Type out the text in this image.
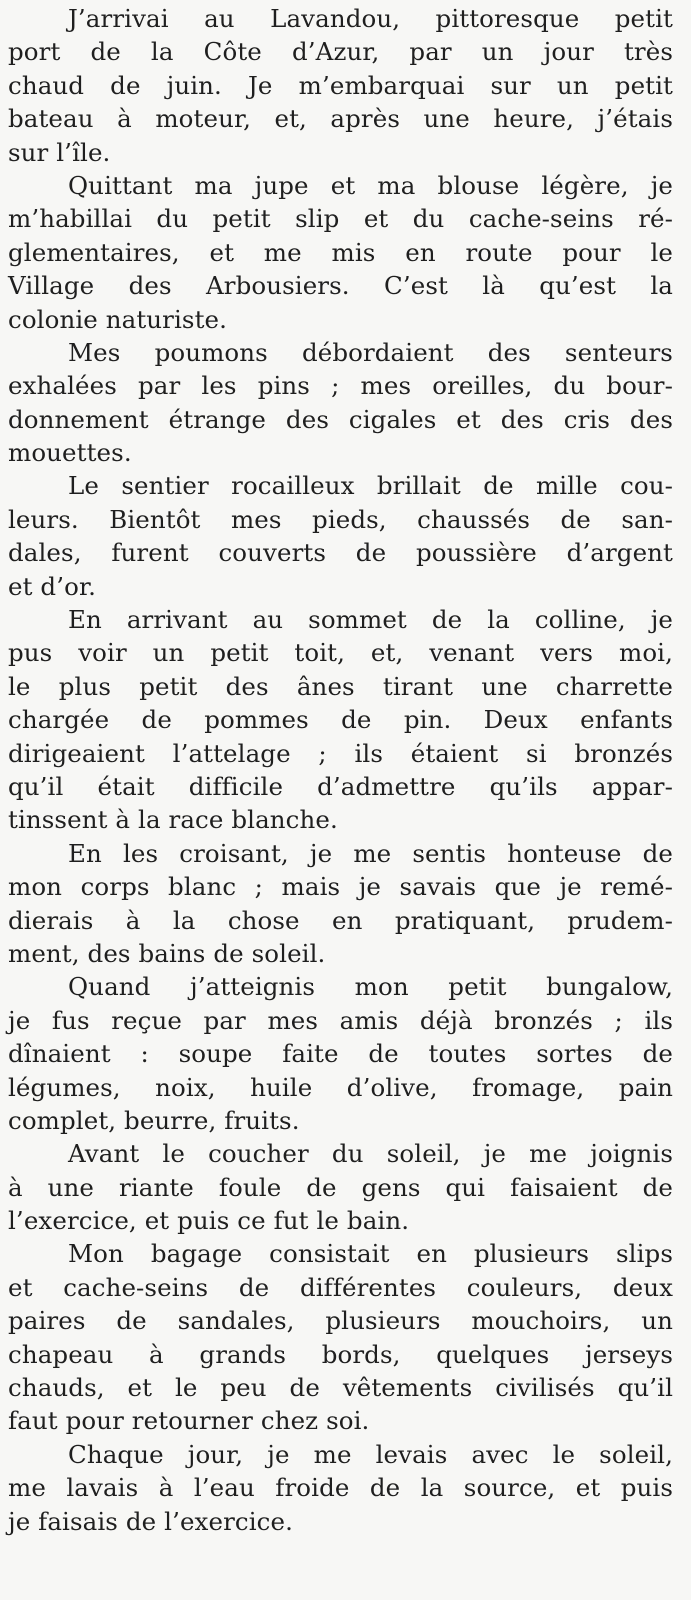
J’arrivai au Lavandou, pittoresque petit
port de la Côte d’Azur, par un jour très
chaud de juin. Je m’embarquai sur un petit
bateau à moteur, et, après une heure, j’étais
sur l’île.
Quittant ma jupe et ma blouse légère, je
m’habillai du petit slip et du cache-seins ré-
glementaires, et me mis en route pour le
Village des Arbousiers. C’est là qu’est la
colonie naturiste.
Mes poumons débordaient des senteurs
exhalées par les pins ; mes oreilles, du bour-
donnement étrange des cigales et des cris des
mouettes.
Le sentier rocailleux brillait de mille cou-
leurs. Bientôt mes pieds, chaussés de san-
dales, furent couverts de poussière d’argent
et d’or.
En arrivant au sommet de la colline, je
pus voir un petit toit, et, venant vers moi,
le plus petit des ânes tirant une charrette
chargée de pommes de pin. Deux enfants
dirigeaient l’attelage ; ils étaient si bronzés
qu’il était difficile d’admettre qu’ils appar-
tinssent à la race blanche.
En les croisant, je me sentis honteuse de
mon corps blanc ; mais je savais que je remé-
dierais à la chose en pratiquant, prudem-
ment, des bains de soleil.
Quand j’atteignis mon petit bungalow,
je fus reçue par mes amis déjà bronzés ; ils
dînaient : soupe faite de toutes sortes de
légumes, noix, huile d’olive, fromage, pain
complet, beurre, fruits.
Avant le coucher du soleil, je me joignis
à une riante foule de gens qui faisaient de
l’exercice, et puis ce fut le bain.
Mon bagage consistait en plusieurs slips
et cache-seins de différentes couleurs, deux
paires de sandales, plusieurs mouchoirs, un
chapeau à grands bords, quelques jerseys
chauds, et le peu de vêtements civilisés qu’il
faut pour retourner chez soi.
Chaque jour, je me levais avec le soleil,
me lavais à l’eau froide de la source, et puis
je faisais de l’exercice.
